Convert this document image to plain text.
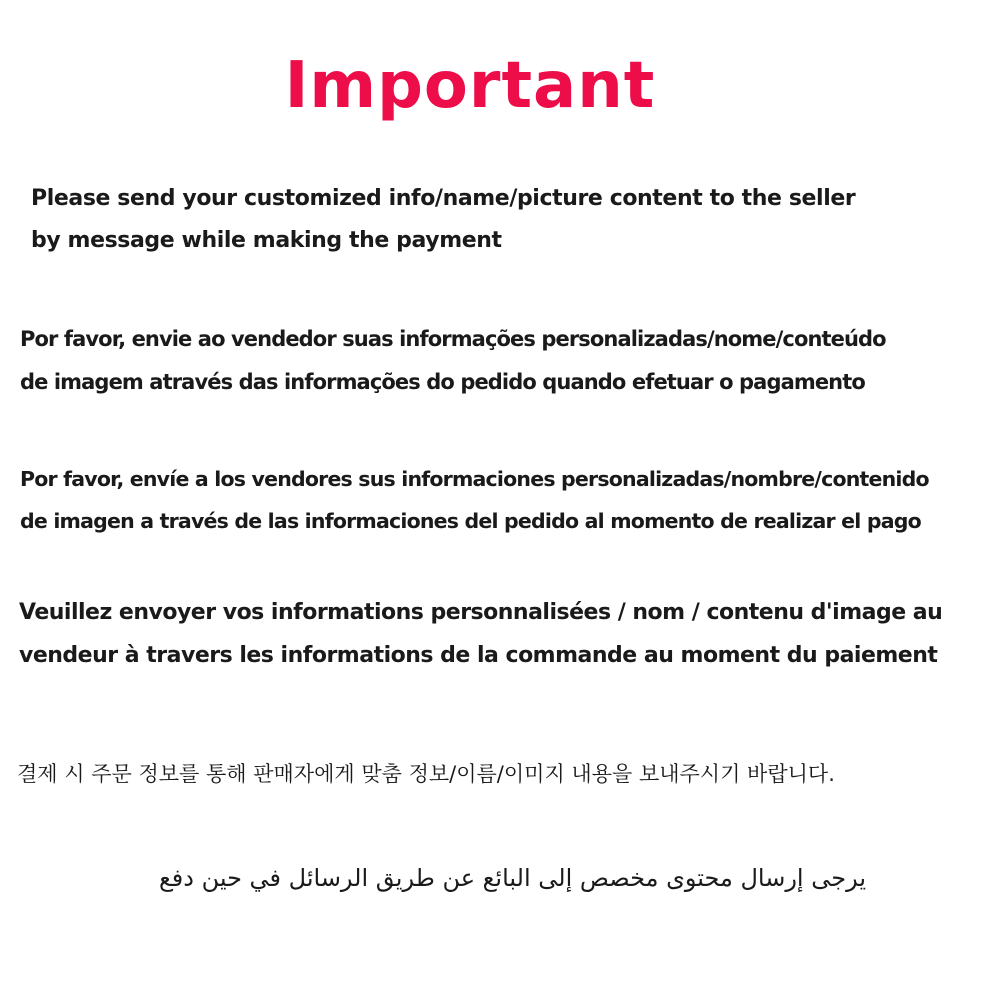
Important
Please send your customized info/name/picture content to the seller
by message while making the payment
Por favor, envie ao vendedor suas informações personalizadas/nome/conteúdo
de imagem através das informações do pedido quando efetuar o pagamento
Por favor, envíe a los vendores sus informaciones personalizadas/nombre/contenido
de imagen a través de las informaciones del pedido al momento de realizar el pago
Veuillez envoyer vos informations personnalisées / nom / contenu d'image au
vendeur à travers les informations de la commande au moment du paiement
결제 시 주문 정보를 통해 판매자에게 맞춤 정보/이름/이미지 내용을 보내주시기 바랍니다.
يرجى إرسال محتوى مخصص إلى البائع عن طريق الرسائل في حين دفع
